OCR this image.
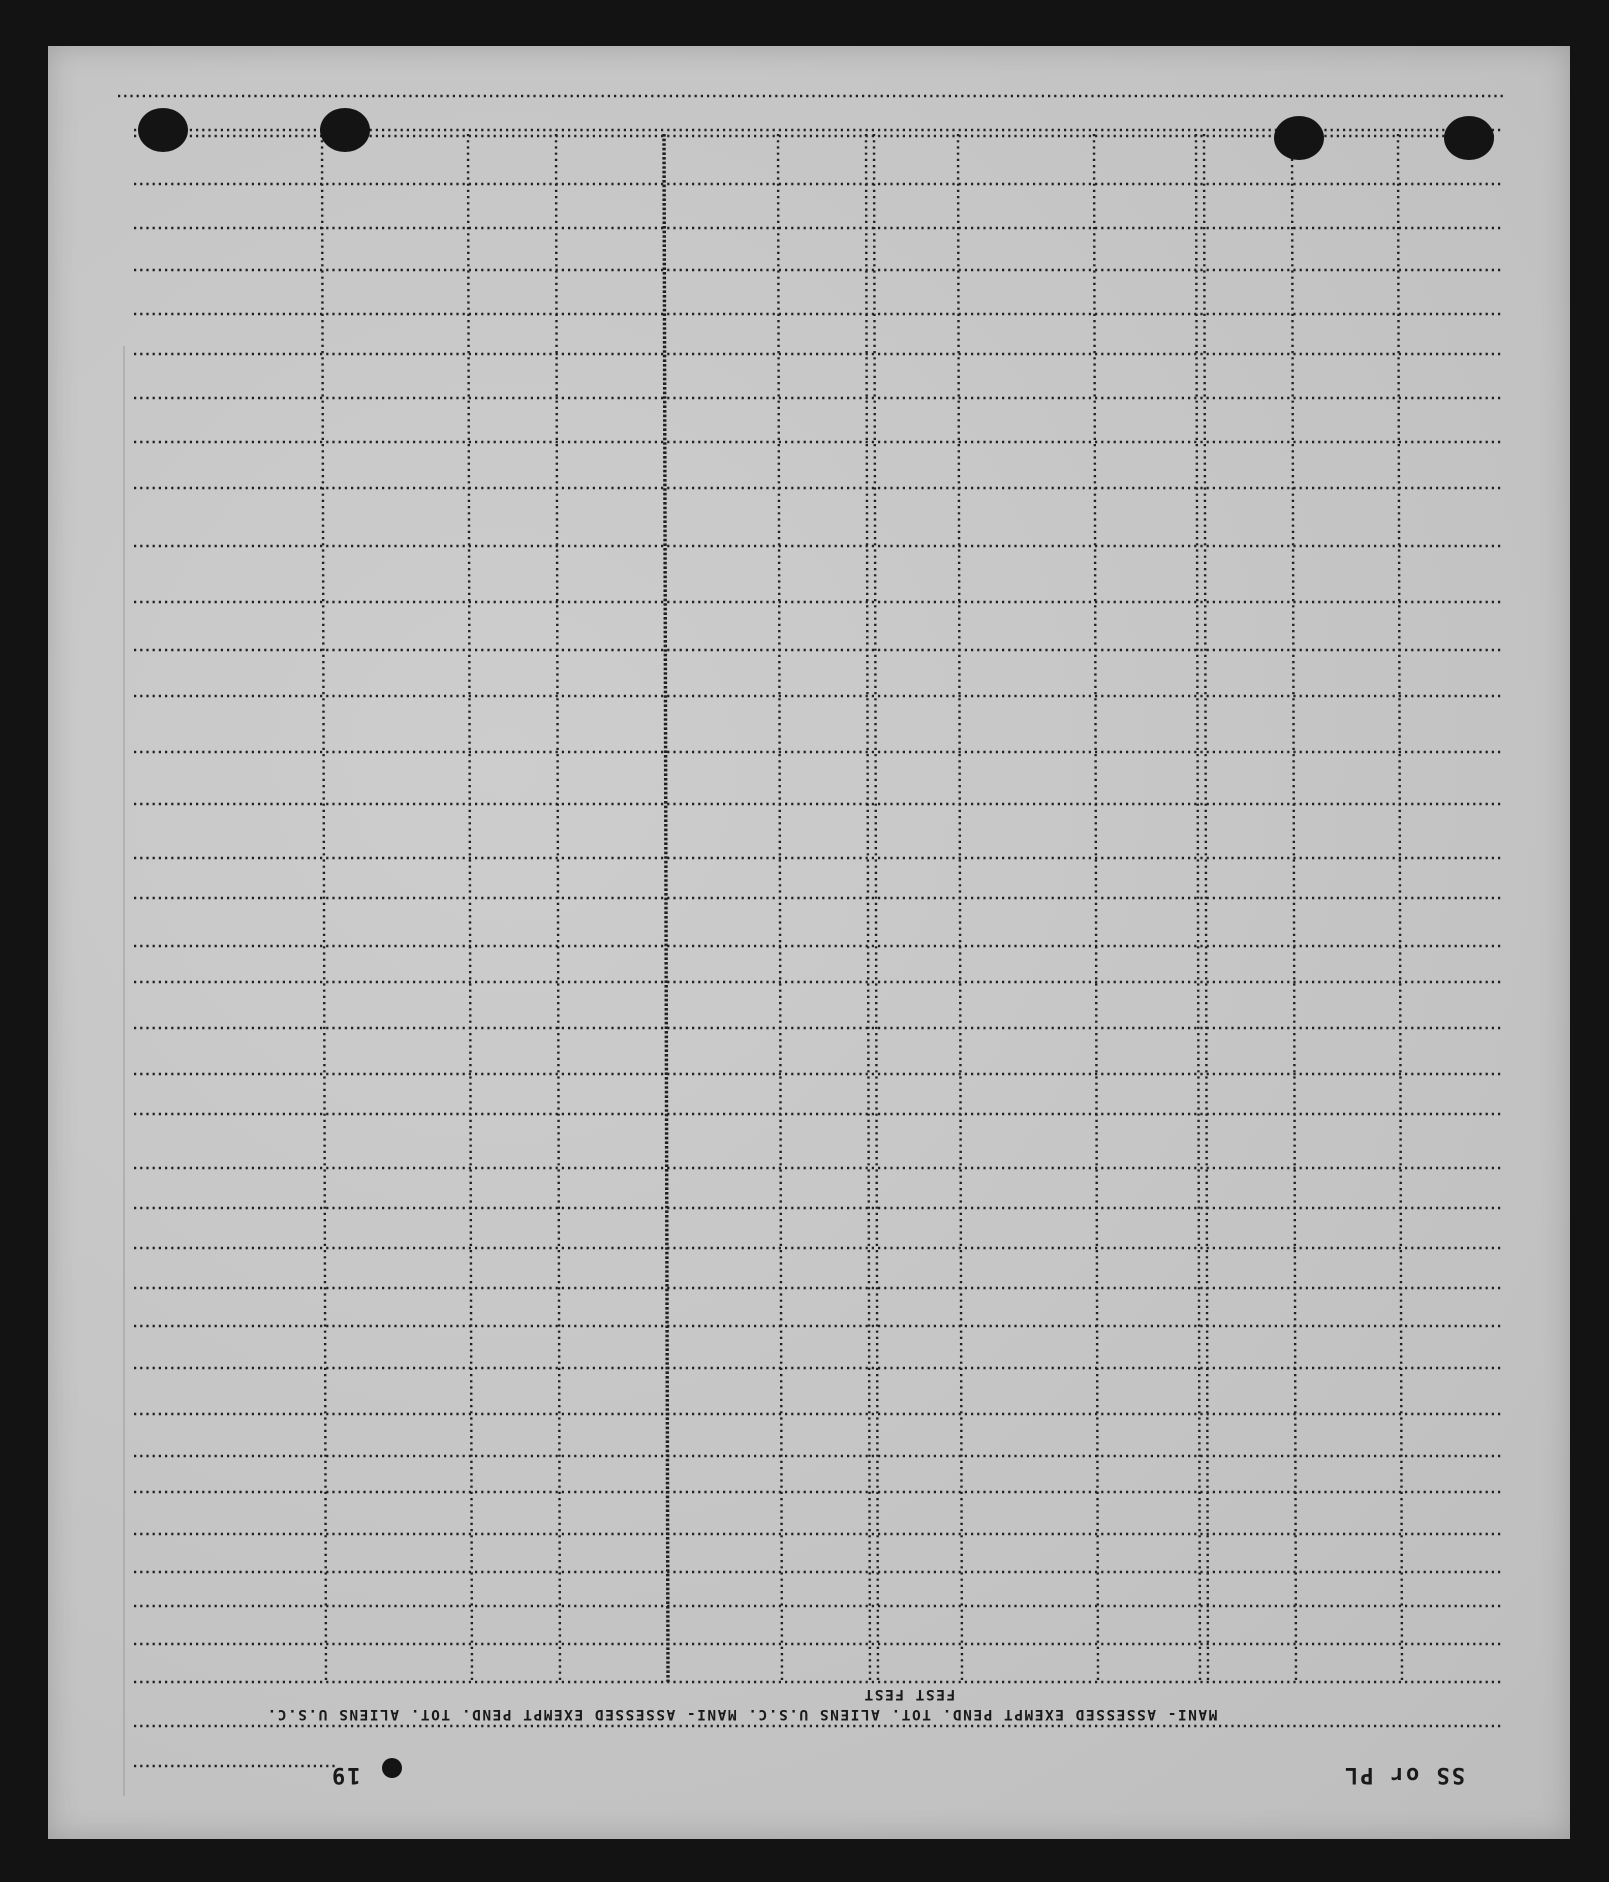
FEST FEST
MANI- ASSESSED EXEMPT PEND. TOT. ALIENS U.S.C. MANI- ASSESSED EXEMPT PEND. TOT. ALIENS U.S.C.
SS or PL
19
